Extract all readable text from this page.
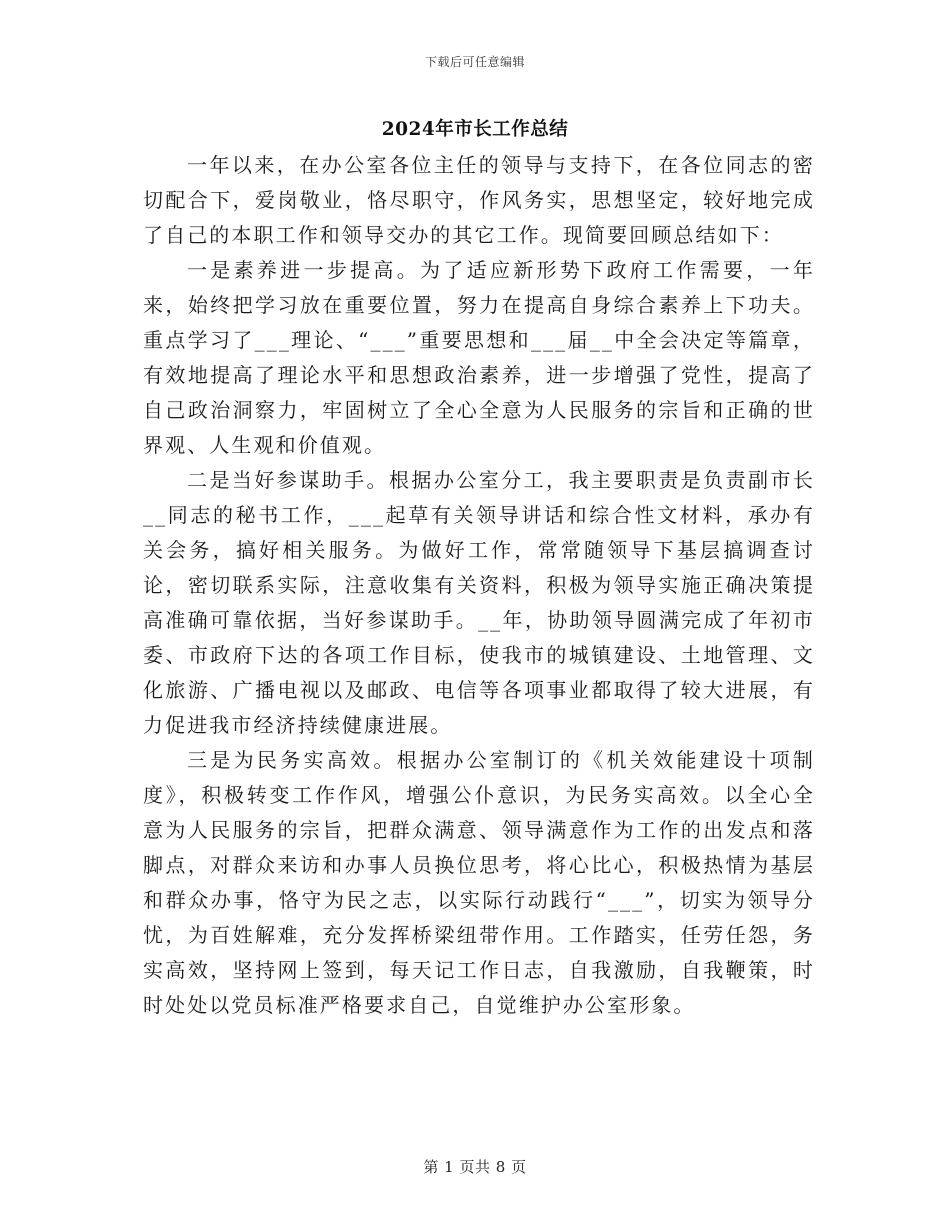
下载后可任意编辑
2024年市长工作总结

一年以来，在办公室各位主任的领导与支持下，在各位同志的密切配合下，爱岗敬业，恪尽职守，作风务实，思想坚定，较好地完成了自己的本职工作和领导交办的其它工作。现简要回顾总结如下：

一是素养进一步提高。为了适应新形势下政府工作需要，一年来，始终把学习放在重要位置，努力在提高自身综合素养上下功夫。重点学习了___理论、“___”重要思想和___届__中全会决定等篇章，有效地提高了理论水平和思想政治素养，进一步增强了党性，提高了自己政治洞察力，牢固树立了全心全意为人民服务的宗旨和正确的世界观、人生观和价值观。

二是当好参谋助手。根据办公室分工，我主要职责是负责副市长__同志的秘书工作，___起草有关领导讲话和综合性文材料，承办有关会务，搞好相关服务。为做好工作，常常随领导下基层搞调查讨论，密切联系实际，注意收集有关资料，积极为领导实施正确决策提高准确可靠依据，当好参谋助手。__年，协助领导圆满完成了年初市委、市政府下达的各项工作目标，使我市的城镇建设、土地管理、文化旅游、广播电视以及邮政、电信等各项事业都取得了较大进展，有力促进我市经济持续健康进展。

三是为民务实高效。根据办公室制订的《机关效能建设十项制度》，积极转变工作作风，增强公仆意识，为民务实高效。以全心全意为人民服务的宗旨，把群众满意、领导满意作为工作的出发点和落脚点，对群众来访和办事人员换位思考，将心比心，积极热情为基层和群众办事，恪守为民之志，以实际行动践行“___”，切实为领导分忧，为百姓解难，充分发挥桥梁纽带作用。工作踏实，任劳任怨，务实高效，坚持网上签到，每天记工作日志，自我激励，自我鞭策，时时处处以党员标准严格要求自己，自觉维护办公室形象。

第 1 页共 8 页
